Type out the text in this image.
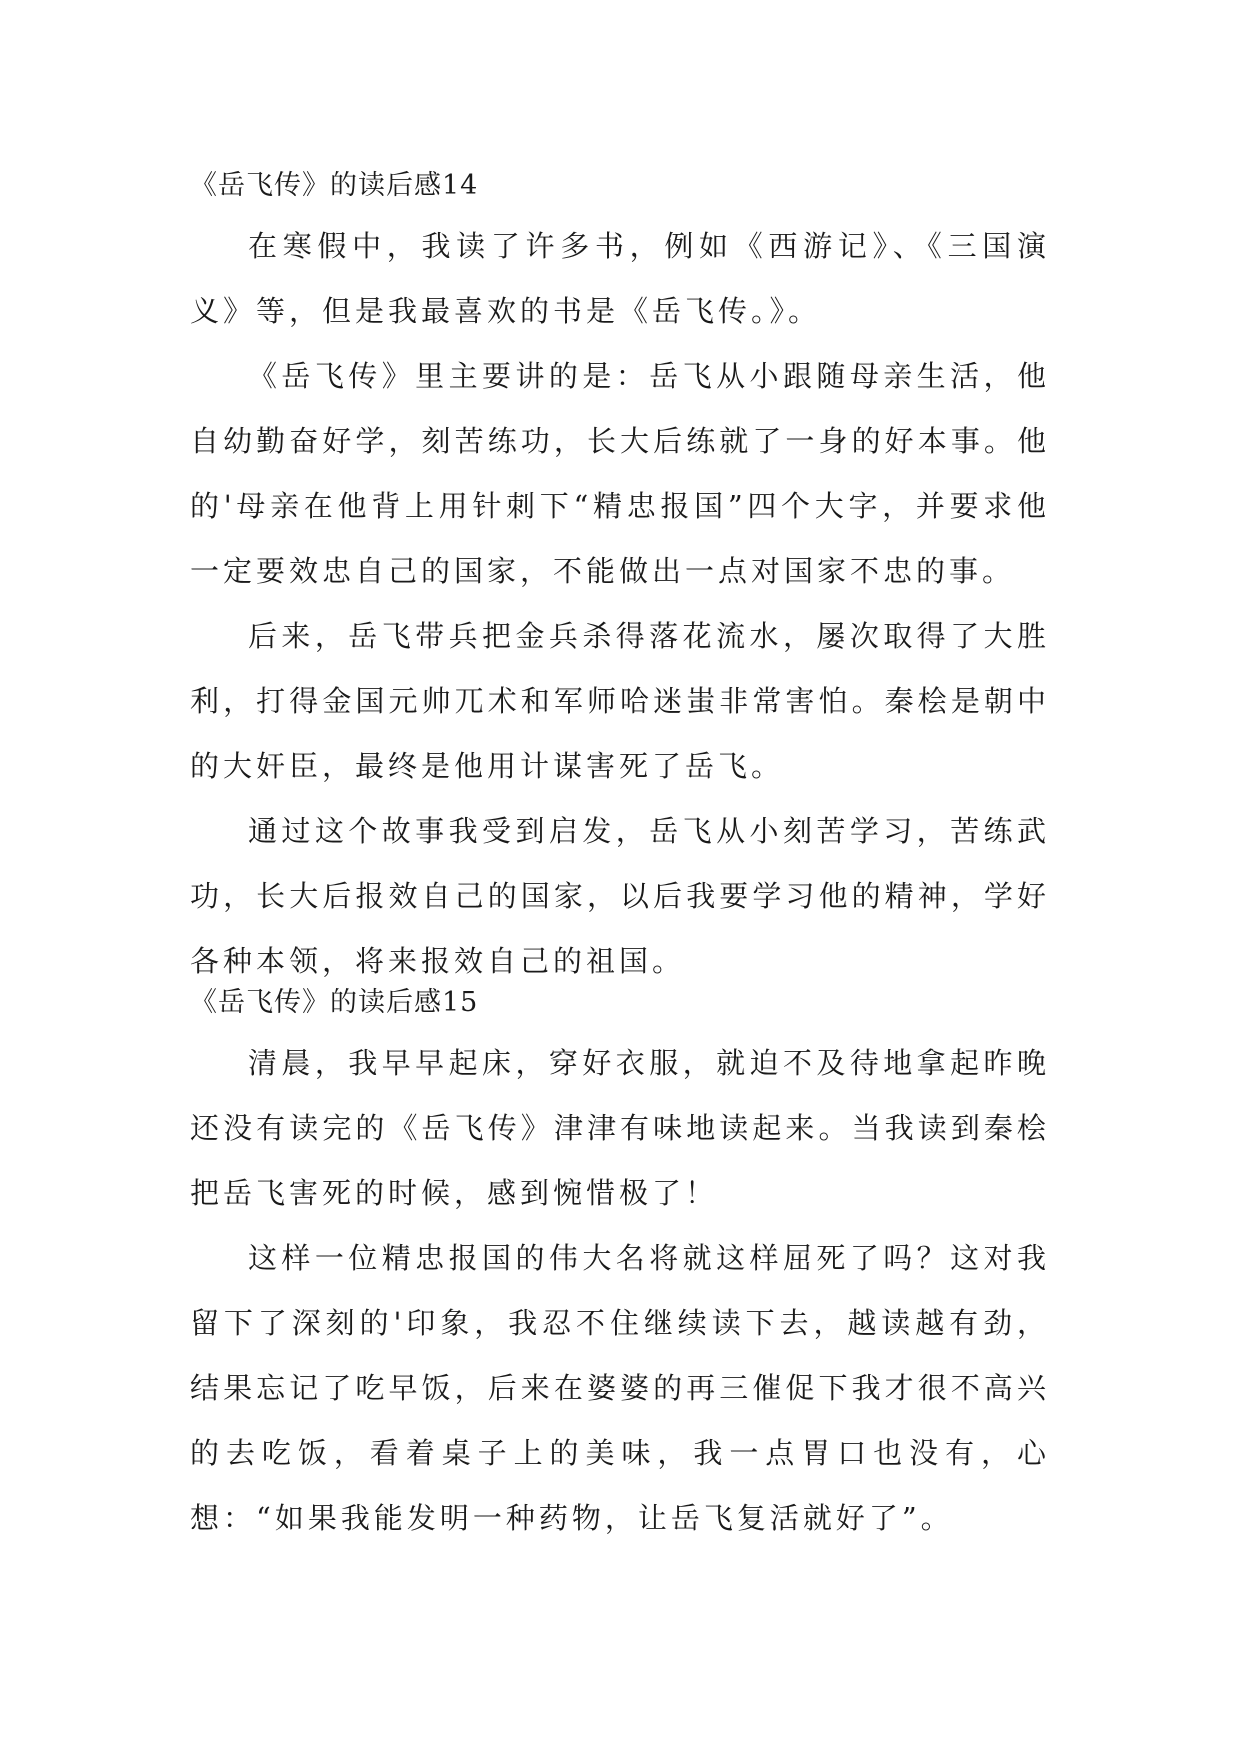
《岳飞传》的读后感14

在寒假中，我读了许多书，例如《西游记》、《三国演义》等，但是我最喜欢的书是《岳飞传。》。

《岳飞传》里主要讲的是：岳飞从小跟随母亲生活，他自幼勤奋好学，刻苦练功，长大后练就了一身的好本事。他的'母亲在他背上用针刺下“精忠报国”四个大字，并要求他一定要效忠自己的国家，不能做出一点对国家不忠的事。

后来，岳飞带兵把金兵杀得落花流水，屡次取得了大胜利，打得金国元帅兀术和军师哈迷蚩非常害怕。秦桧是朝中的大奸臣，最终是他用计谋害死了岳飞。

通过这个故事我受到启发，岳飞从小刻苦学习，苦练武功，长大后报效自己的国家，以后我要学习他的精神，学好各种本领，将来报效自己的祖国。

《岳飞传》的读后感15

清晨，我早早起床，穿好衣服，就迫不及待地拿起昨晚还没有读完的《岳飞传》津津有味地读起来。当我读到秦桧把岳飞害死的时候，感到惋惜极了！

这样一位精忠报国的伟大名将就这样屈死了吗？这对我留下了深刻的'印象，我忍不住继续读下去，越读越有劲，结果忘记了吃早饭，后来在婆婆的再三催促下我才很不高兴的去吃饭，看着桌子上的美味，我一点胃口也没有，心想：“如果我能发明一种药物，让岳飞复活就好了”。
